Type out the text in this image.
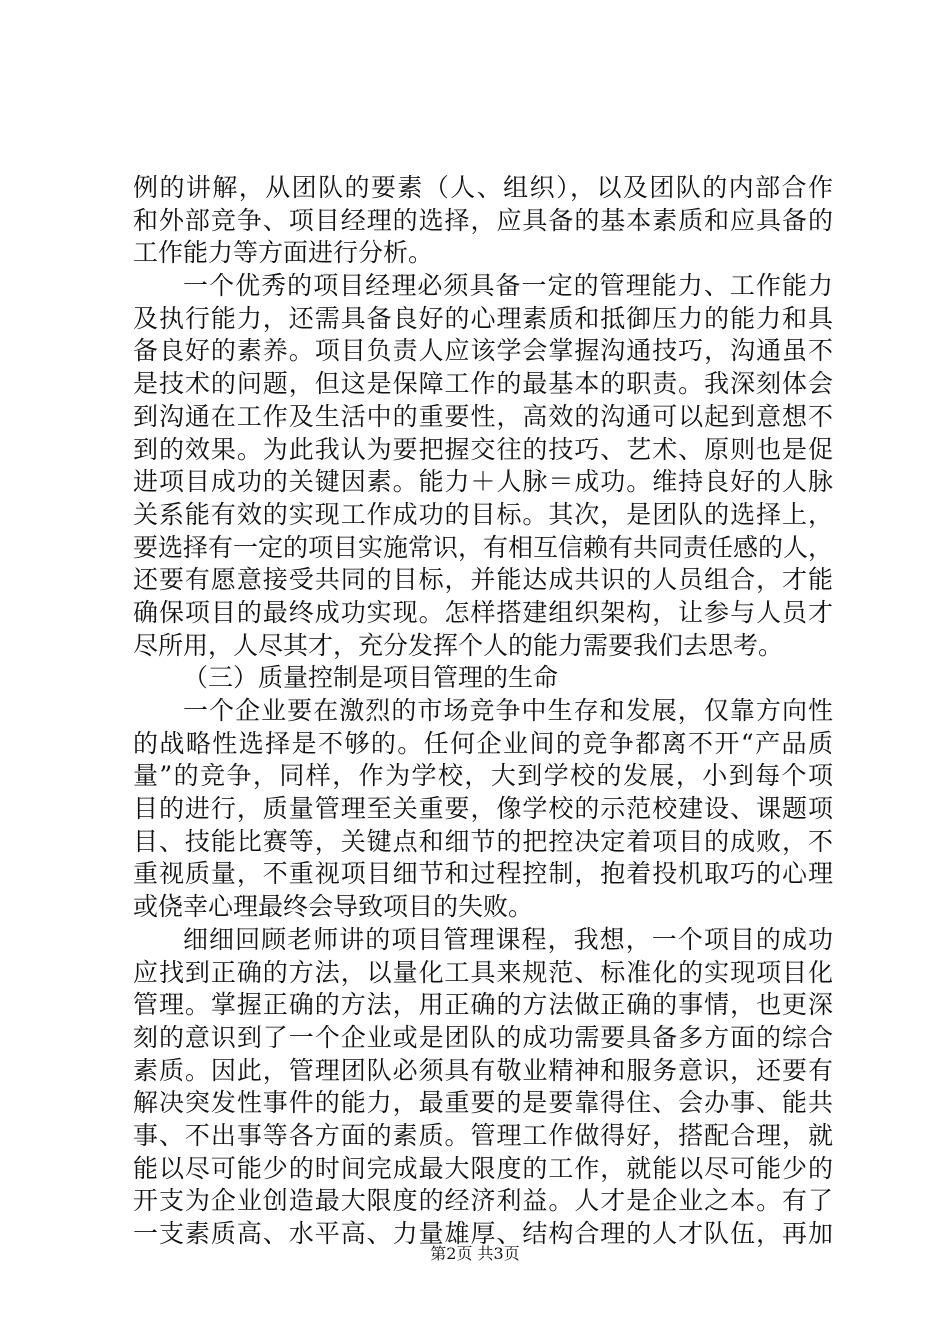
例的讲解，从团队的要素（人、组织），以及团队的内部合作
和外部竞争、项目经理的选择，应具备的基本素质和应具备的
工作能力等方面进行分析。
一个优秀的项目经理必须具备一定的管理能力、工作能力
及执行能力，还需具备良好的心理素质和抵御压力的能力和具
备良好的素养。项目负责人应该学会掌握沟通技巧，沟通虽不
是技术的问题，但这是保障工作的最基本的职责。我深刻体会
到沟通在工作及生活中的重要性，高效的沟通可以起到意想不
到的效果。为此我认为要把握交往的技巧、艺术、原则也是促
进项目成功的关键因素。能力＋人脉＝成功。维持良好的人脉
关系能有效的实现工作成功的目标。其次，是团队的选择上，
要选择有一定的项目实施常识，有相互信赖有共同责任感的人，
还要有愿意接受共同的目标，并能达成共识的人员组合，才能
确保项目的最终成功实现。怎样搭建组织架构，让参与人员才
尽所用，人尽其才，充分发挥个人的能力需要我们去思考。
（三）质量控制是项目管理的生命
一个企业要在激烈的市场竞争中生存和发展，仅靠方向性
的战略性选择是不够的。任何企业间的竞争都离不开“产品质
量”的竞争，同样，作为学校，大到学校的发展，小到每个项
目的进行，质量管理至关重要，像学校的示范校建设、课题项
目、技能比赛等，关键点和细节的把控决定着项目的成败，不
重视质量，不重视项目细节和过程控制，抱着投机取巧的心理
或侥幸心理最终会导致项目的失败。
细细回顾老师讲的项目管理课程，我想，一个项目的成功
应找到正确的方法，以量化工具来规范、标准化的实现项目化
管理。掌握正确的方法，用正确的方法做正确的事情，也更深
刻的意识到了一个企业或是团队的成功需要具备多方面的综合
素质。因此，管理团队必须具有敬业精神和服务意识，还要有
解决突发性事件的能力，最重要的是要靠得住、会办事、能共
事、不出事等各方面的素质。管理工作做得好，搭配合理，就
能以尽可能少的时间完成最大限度的工作，就能以尽可能少的
开支为企业创造最大限度的经济利益。人才是企业之本。有了
一支素质高、水平高、力量雄厚、结构合理的人才队伍，再加
第2页 共3页
